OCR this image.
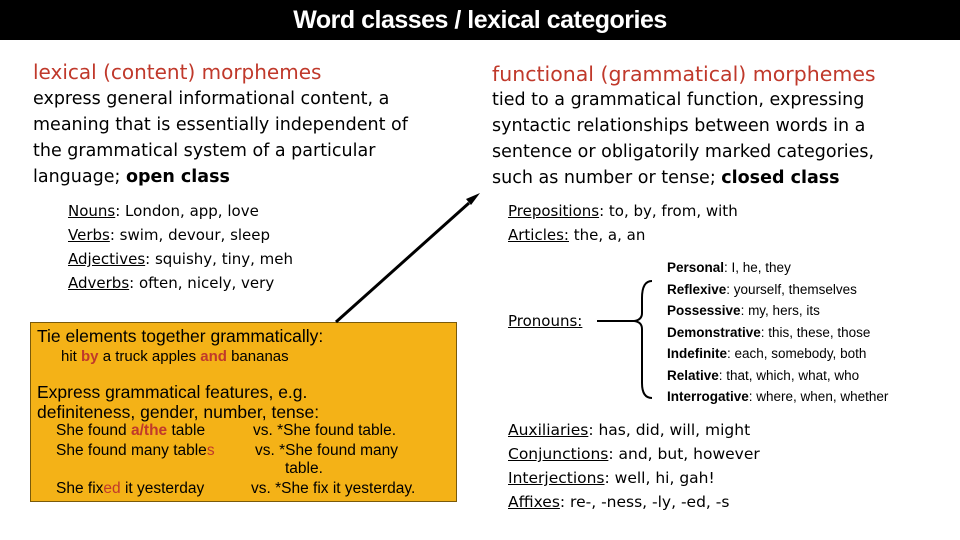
Word classes / lexical categories
lexical (content) morphemes
express general informational content, a
meaning that is essentially independent of
the grammatical system of a particular
language; open class
Nouns: London, app, love
Verbs: swim, devour, sleep
Adjectives: squishy, tiny, meh
Adverbs: often, nicely, very
Tie elements together grammatically:
hit by a truck apples and bananas
Express grammatical features, e.g.
definiteness, gender, number, tense:
She found a/the table	vs. *She found table.
She found many tables	vs. *She found many
table.
She fixed it yesterday	vs. *She fix it yesterday.
functional (grammatical) morphemes
tied to a grammatical function, expressing
syntactic relationships between words in a
sentence or obligatorily marked categories,
such as number or tense; closed class
Prepositions: to, by, from, with
Articles: the, a, an
Pronouns:
Personal: I, he, they
Reflexive: yourself, themselves
Possessive: my, hers, its
Demonstrative: this, these, those
Indefinite: each, somebody, both
Relative: that, which, what, who
Interrogative: where, when, whether
Auxiliaries: has, did, will, might
Conjunctions: and, but, however
Interjections: well, hi, gah!
Affixes: re-, -ness, -ly, -ed, -s
